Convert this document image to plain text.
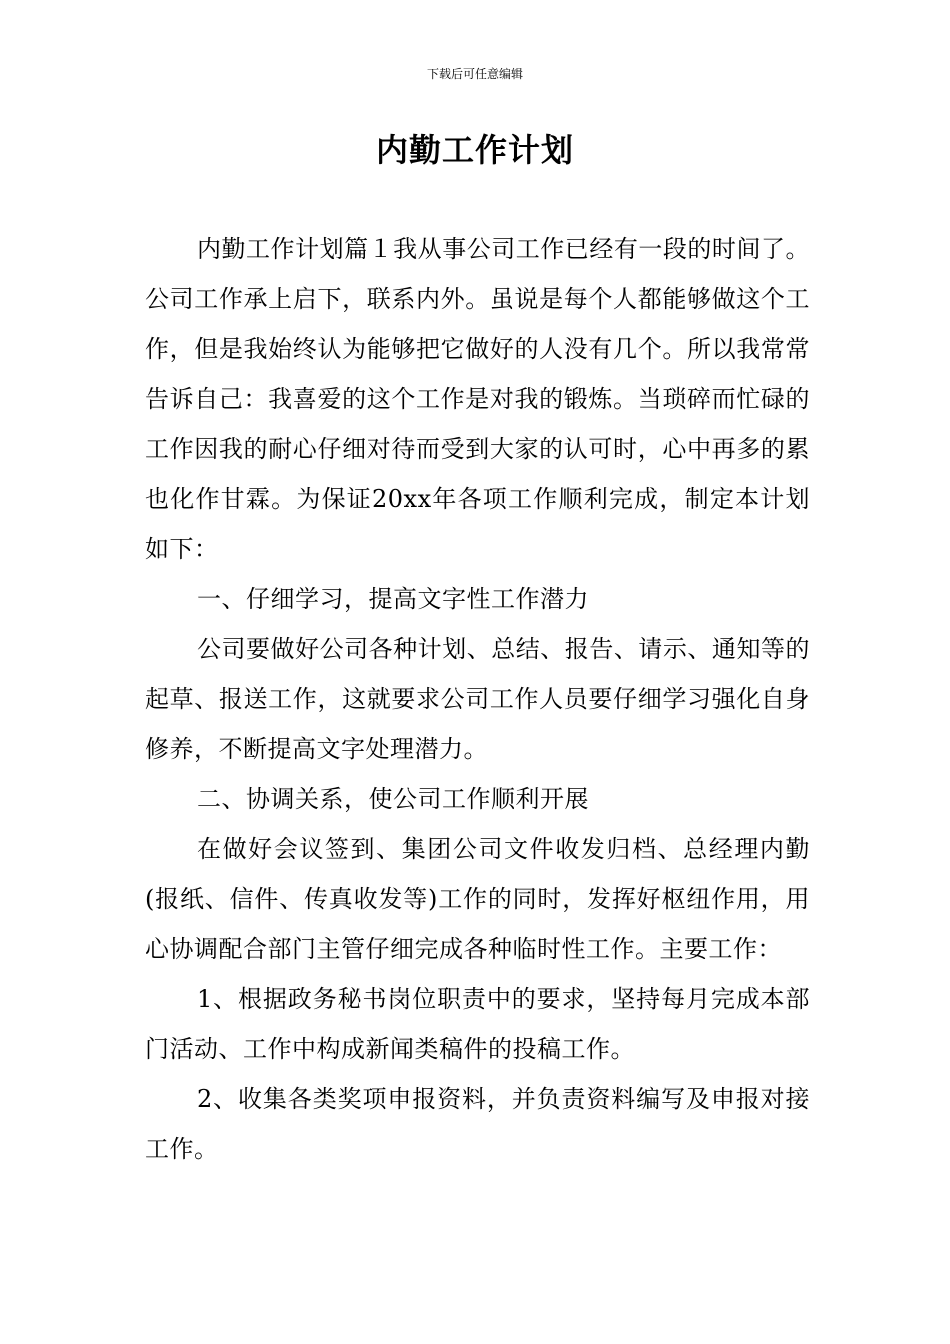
下载后可任意编辑
内勤工作计划

内勤工作计划篇１我从事公司工作已经有一段的时间了。公司工作承上启下，联系内外。虽说是每个人都能够做这个工作，但是我始终认为能够把它做好的人没有几个。所以我常常告诉自己：我喜爱的这个工作是对我的锻炼。当琐碎而忙碌的工作因我的耐心仔细对待而受到大家的认可时，心中再多的累也化作甘霖。为保证20xx年各项工作顺利完成，制定本计划如下：

一、仔细学习，提高文字性工作潜力

公司要做好公司各种计划、总结、报告、请示、通知等的起草、报送工作，这就要求公司工作人员要仔细学习强化自身修养，不断提高文字处理潜力。

二、协调关系，使公司工作顺利开展

在做好会议签到、集团公司文件收发归档、总经理内勤(报纸、信件、传真收发等)工作的同时，发挥好枢纽作用，用心协调配合部门主管仔细完成各种临时性工作。主要工作：

1、根据政务秘书岗位职责中的要求，坚持每月完成本部门活动、工作中构成新闻类稿件的投稿工作。

2、收集各类奖项申报资料，并负责资料编写及申报对接工作。
